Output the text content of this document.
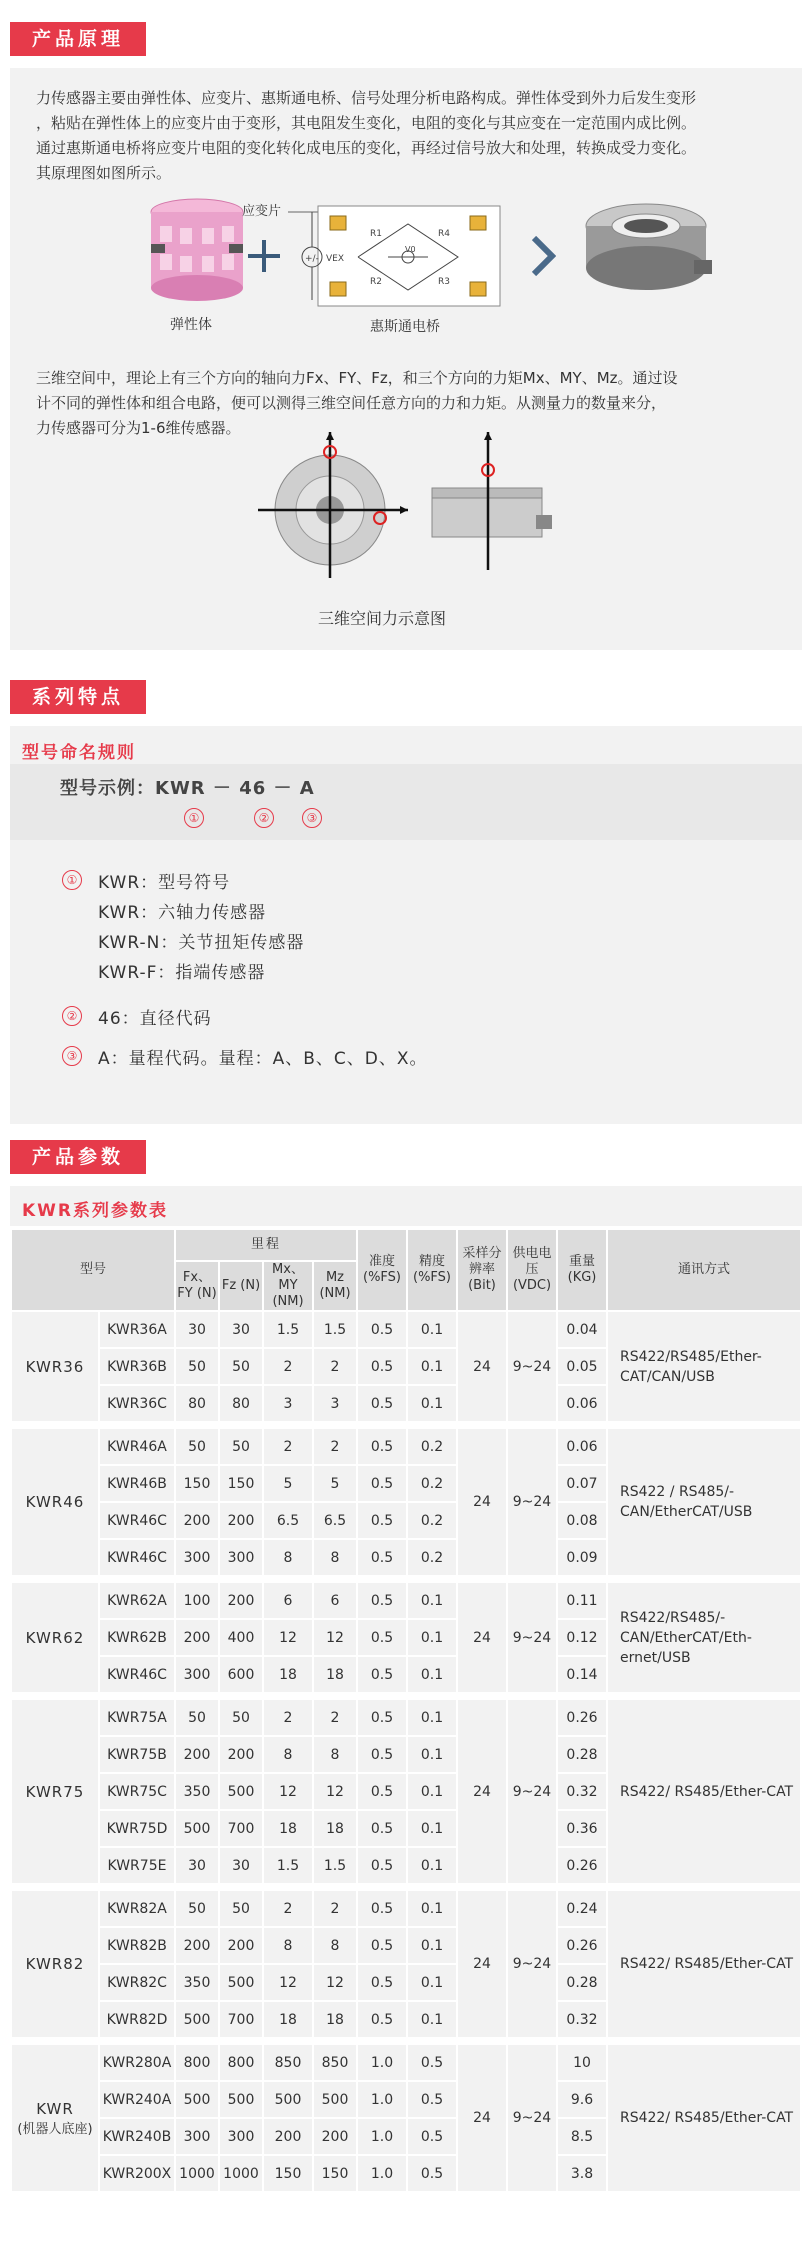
产品原理
力传感器主要由弹性体、应变片、惠斯通电桥、信号处理分析电路构成。弹性体受到外力后发生变形
，粘贴在弹性体上的应变片由于变形，其电阻发生变化，电阻的变化与其应变在一定范围内成比例。
通过惠斯通电桥将应变片电阻的变化转化成电压的变化，再经过信号放大和处理，转换成受力变化。
其原理图如图所示。
弹性体
应变片
+/- VEX
V0
R1	R4
R2	R3
惠斯通电桥
三维空间中，理论上有三个方向的轴向力Fx、FY、Fz，和三个方向的力矩Mx、MY、Mz。通过设
计不同的弹性体和组合电路，便可以测得三维空间任意方向的力和力矩。从测量力的数量来分，
力传感器可分为1-6维传感器。
三维空间力示意图
系列特点
型号命名规则
型号示例：KWR － 46 － A
①	②	③
① KWR：型号符号
KWR：六轴力传感器
KWR-N：关节扭矩传感器
KWR-F：指端传感器
② 46：直径代码
③ A：量程代码。量程：A、B、C、D、X。
产品参数
KWR系列参数表
型号		里程				准度 (%FS)	精度 (%FS)	采样分辨率(Bit)	供电电压 (VDC)	重量 (KG)	通讯方式
		Fx、FY (N)	Fz (N)	Mx、MY (NM)	Mz (NM)						

KWR36	KWR36A	30	30	1.5	1.5	0.5	0.1	24	9~24	0.04	RS422/RS485/Ether-CAT/CAN/USB
	KWR36B	50	50	2	2	0.5	0.1			0.05	
	KWR36C	80	80	3	3	0.5	0.1			0.06	

KWR46	KWR46A	50	50	2	2	0.5	0.2	24	9~24	0.06	RS422 / RS485/-CAN/EtherCAT/USB
	KWR46B	150	150	5	5	0.5	0.2			0.07	
	KWR46C	200	200	6.5	6.5	0.5	0.2			0.08	
	KWR46C	300	300	8	8	0.5	0.2			0.09	

KWR62	KWR62A	100	200	6	6	0.5	0.1	24	9~24	0.11	RS422/RS485/-CAN/EtherCAT/Eth-ernet/USB
	KWR62B	200	400	12	12	0.5	0.1			0.12	
	KWR46C	300	600	18	18	0.5	0.1			0.14	

KWR75	KWR75A	50	50	2	2	0.5	0.1	24	9~24	0.26	RS422/ RS485/Ether-CAT
	KWR75B	200	200	8	8	0.5	0.1			0.28	
	KWR75C	350	500	12	12	0.5	0.1			0.32	
	KWR75D	500	700	18	18	0.5	0.1			0.36	
	KWR75E	30	30	1.5	1.5	0.5	0.1			0.26	

KWR82	KWR82A	50	50	2	2	0.5	0.1	24	9~24	0.24	RS422/ RS485/Ether-CAT
	KWR82B	200	200	8	8	0.5	0.1			0.26	
	KWR82C	350	500	12	12	0.5	0.1			0.28	
	KWR82D	500	700	18	18	0.5	0.1			0.32	

KWR
(机器人底座)	KWR280A	800	800	850	850	1.0	0.5	24	9~24	10	RS422/ RS485/Ether-CAT
	KWR240A	500	500	500	500	1.0	0.5			9.6	
	KWR240B	300	300	200	200	1.0	0.5			8.5	
	KWR200X	1000	1000	150	150	1.0	0.5			3.8	
